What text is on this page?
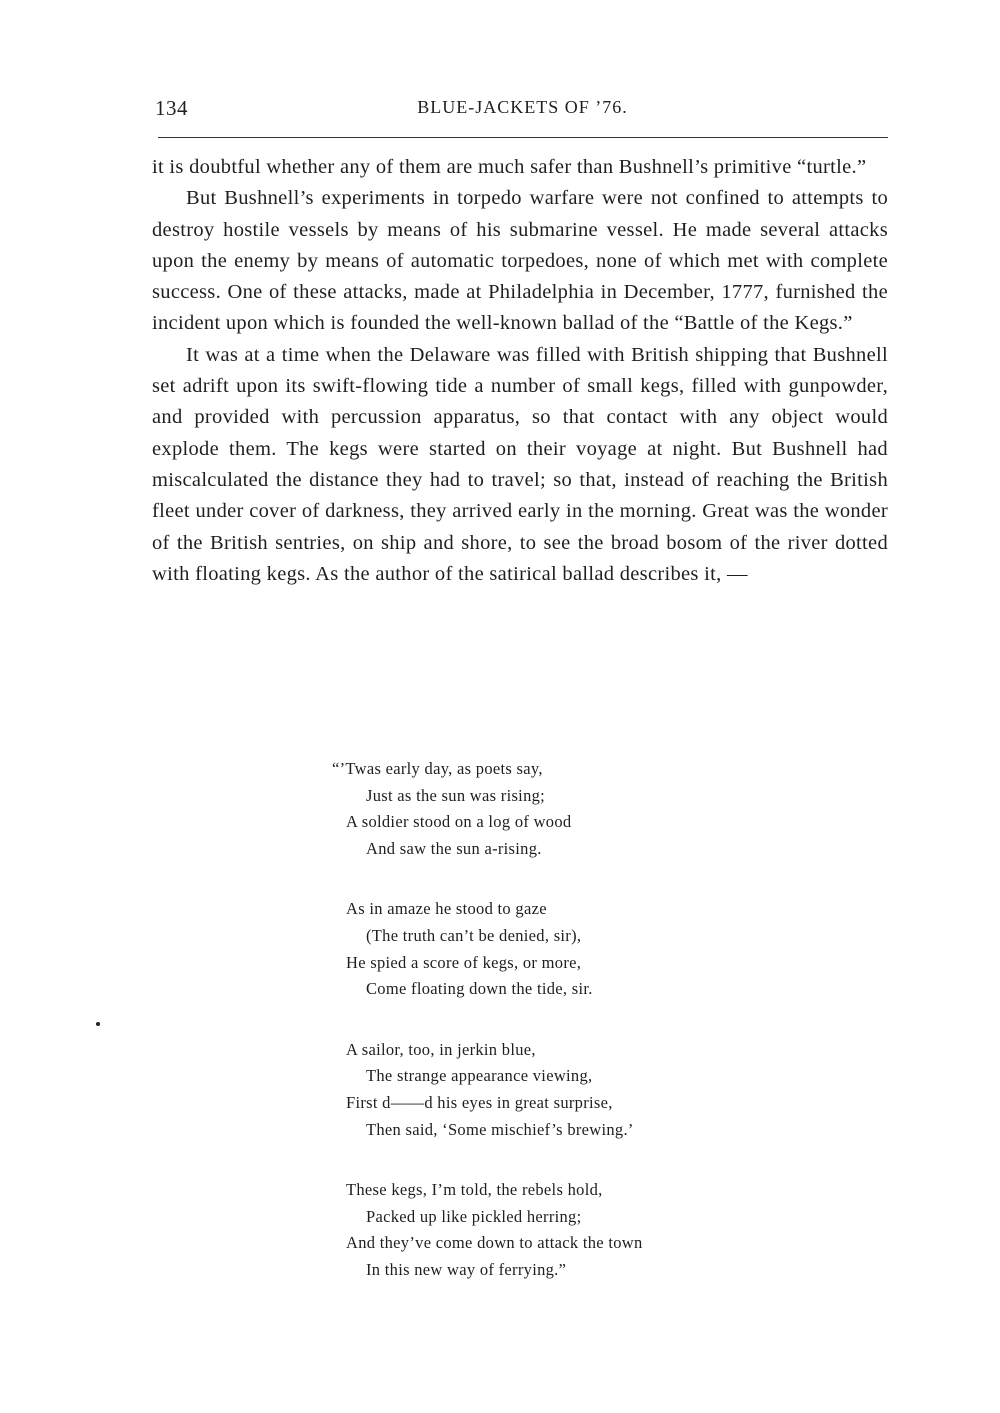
134	BLUE-JACKETS OF ’76.

it is doubtful whether any of them are much safer than Bushnell’s primitive “turtle.”

But Bushnell’s experiments in torpedo warfare were not confined to attempts to destroy hostile vessels by means of his submarine vessel. He made several attacks upon the enemy by means of automatic torpedoes, none of which met with complete success. One of these attacks, made at Philadelphia in December, 1777, furnished the incident upon which is founded the well-known ballad of the “Battle of the Kegs.”

It was at a time when the Delaware was filled with British shipping that Bushnell set adrift upon its swift-flowing tide a number of small kegs, filled with gunpowder, and provided with percussion apparatus, so that contact with any object would explode them. The kegs were started on their voyage at night. But Bushnell had miscalculated the distance they had to travel; so that, instead of reaching the British fleet under cover of darkness, they arrived early in the morning. Great was the wonder of the British sentries, on ship and shore, to see the broad bosom of the river dotted with floating kegs. As the author of the satirical ballad describes it, —

“’Twas early day, as poets say,
Just as the sun was rising;
A soldier stood on a log of wood
And saw the sun a-rising.
As in amaze he stood to gaze
(The truth can’t be denied, sir),
He spied a score of kegs, or more,
Come floating down the tide, sir.
A sailor, too, in jerkin blue,
The strange appearance viewing,
First d——d his eyes in great surprise,
Then said, ‘Some mischief’s brewing.’
These kegs, I’m told, the rebels hold,
Packed up like pickled herring;
And they’ve come down to attack the town
In this new way of ferrying.”
